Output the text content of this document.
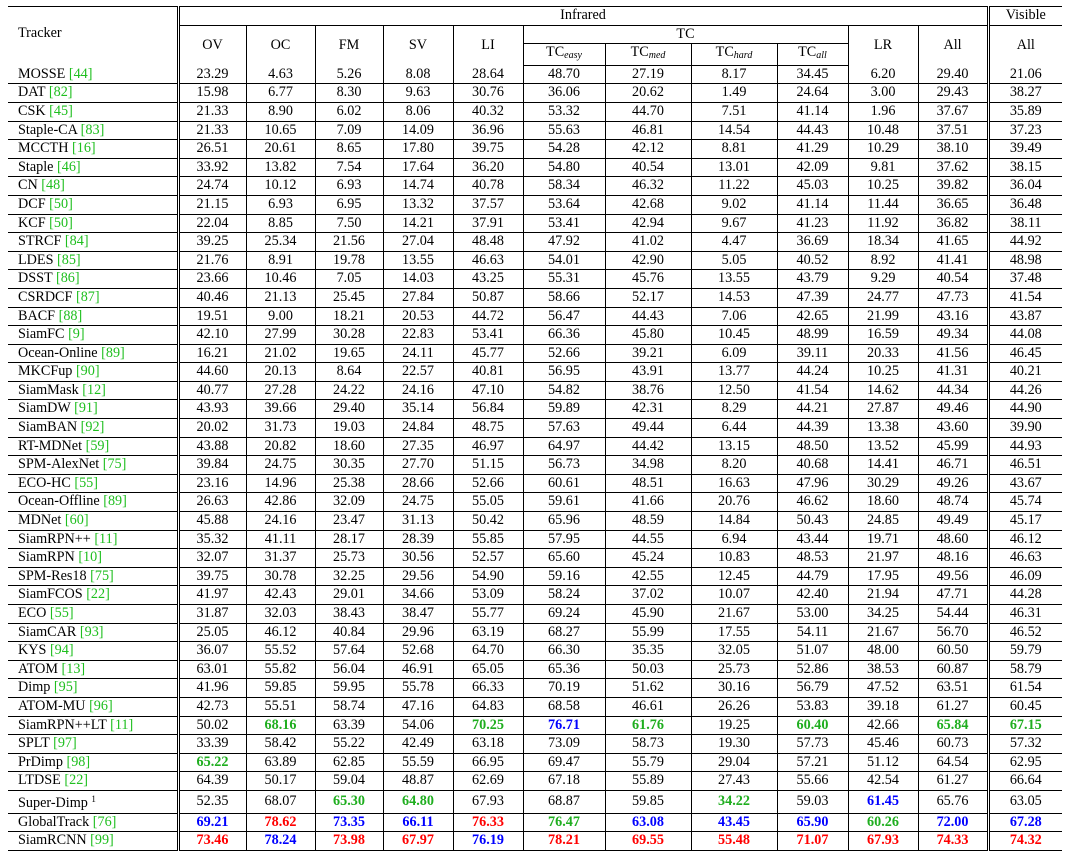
Tracker		Infrared											Visible
		OV	OC	FM	SV	LI	TC				LR	All	All
							$TC_{easy}$	$TC_{med}$	$TC_{hard}$	$TC_{all}$
MOSSE [44]		23.29	4.63	5.26	8.08	28.64	48.70	27.19	8.17	34.45	6.20	29.40	21.06
DAT [82]		15.98	6.77	8.30	9.63	30.76	36.06	20.62	1.49	24.64	3.00	29.43	38.27
CSK [45]		21.33	8.90	6.02	8.06	40.32	53.32	44.70	7.51	41.14	1.96	37.67	35.89
Staple-CA [83]		21.33	10.65	7.09	14.09	36.96	55.63	46.81	14.54	44.43	10.48	37.51	37.23
MCCTH [16]		26.51	20.61	8.65	17.80	39.75	54.28	42.12	8.81	41.29	10.29	38.10	39.49
Staple [46]		33.92	13.82	7.54	17.64	36.20	54.80	40.54	13.01	42.09	9.81	37.62	38.15
CN [48]		24.74	10.12	6.93	14.74	40.78	58.34	46.32	11.22	45.03	10.25	39.82	36.04
DCF [50]		21.15	6.93	6.95	13.32	37.57	53.64	42.68	9.02	41.14	11.44	36.65	36.48
KCF [50]		22.04	8.85	7.50	14.21	37.91	53.41	42.94	9.67	41.23	11.92	36.82	38.11
STRCF [84]		39.25	25.34	21.56	27.04	48.48	47.92	41.02	4.47	36.69	18.34	41.65	44.92
LDES [85]		21.76	8.91	19.78	13.55	46.63	54.01	42.90	5.05	40.52	8.92	41.41	48.98
DSST [86]		23.66	10.46	7.05	14.03	43.25	55.31	45.76	13.55	43.79	9.29	40.54	37.48
CSRDCF [87]		40.46	21.13	25.45	27.84	50.87	58.66	52.17	14.53	47.39	24.77	47.73	41.54
BACF [88]		19.51	9.00	18.21	20.53	44.72	56.47	44.43	7.06	42.65	21.99	43.16	43.87
SiamFC [9]		42.10	27.99	30.28	22.83	53.41	66.36	45.80	10.45	48.99	16.59	49.34	44.08
Ocean-Online [89]		16.21	21.02	19.65	24.11	45.77	52.66	39.21	6.09	39.11	20.33	41.56	46.45
MKCFup [90]		44.60	20.13	8.64	22.57	40.81	56.95	43.91	13.77	44.24	10.25	41.31	40.21
SiamMask [12]		40.77	27.28	24.22	24.16	47.10	54.82	38.76	12.50	41.54	14.62	44.34	44.26
SiamDW [91]		43.93	39.66	29.40	35.14	56.84	59.89	42.31	8.29	44.21	27.87	49.46	44.90
SiamBAN [92]		20.02	31.73	19.03	24.84	48.75	57.63	49.44	6.44	44.39	13.38	43.60	39.90
RT-MDNet [59]		43.88	20.82	18.60	27.35	46.97	64.97	44.42	13.15	48.50	13.52	45.99	44.93
SPM-AlexNet [75]		39.84	24.75	30.35	27.70	51.15	56.73	34.98	8.20	40.68	14.41	46.71	46.51
ECO-HC [55]		23.16	14.96	25.38	28.66	52.66	60.61	48.51	16.63	47.96	30.29	49.26	43.67
Ocean-Offline [89]		26.63	42.86	32.09	24.75	55.05	59.61	41.66	20.76	46.62	18.60	48.74	45.74
MDNet [60]		45.88	24.16	23.47	31.13	50.42	65.96	48.59	14.84	50.43	24.85	49.49	45.17
SiamRPN++ [11]		35.32	41.11	28.17	28.39	55.85	57.95	44.55	6.94	43.44	19.71	48.60	46.12
SiamRPN [10]		32.07	31.37	25.73	30.56	52.57	65.60	45.24	10.83	48.53	21.97	48.16	46.63
SPM-Res18 [75]		39.75	30.78	32.25	29.56	54.90	59.16	42.55	12.45	44.79	17.95	49.56	46.09
SiamFCOS [22]		41.97	42.43	29.01	34.66	53.09	58.24	37.02	10.07	42.40	21.94	47.71	44.28
ECO [55]		31.87	32.03	38.43	38.47	55.77	69.24	45.90	21.67	53.00	34.25	54.44	46.31
SiamCAR [93]		25.05	46.12	40.84	29.96	63.19	68.27	55.99	17.55	54.11	21.67	56.70	46.52
KYS [94]		36.07	55.52	57.64	52.68	64.70	66.30	35.35	32.05	51.07	48.00	60.50	59.79
ATOM [13]		63.01	55.82	56.04	46.91	65.05	65.36	50.03	25.73	52.86	38.53	60.87	58.79
Dimp [95]		41.96	59.85	59.95	55.78	66.33	70.19	51.62	30.16	56.79	47.52	63.51	61.54
ATOM-MU [96]		42.73	55.51	58.74	47.16	64.83	68.58	46.61	26.26	53.83	39.18	61.27	60.45
SiamRPN++LT [11]		50.02	68.16	63.39	54.06	70.25	76.71	61.76	19.25	60.40	42.66	65.84	67.15
SPLT [97]		33.39	58.42	55.22	42.49	63.18	73.09	58.73	19.30	57.73	45.46	60.73	57.32
PrDimp [98]		65.22	63.89	62.85	55.59	66.95	69.47	55.79	29.04	57.21	51.12	64.54	62.95
LTDSE [22]		64.39	50.17	59.04	48.87	62.69	67.18	55.89	27.43	55.66	42.54	61.27	66.64
Super-Dimp $^1$		52.35	68.07	65.30	64.80	67.93	68.87	59.85	34.22	59.03	61.45	65.76	63.05
GlobalTrack [76]		69.21	78.62	73.35	66.11	76.33	76.47	63.08	43.45	65.90	60.26	72.00	67.28
SiamRCNN [99]		73.46	78.24	73.98	67.97	76.19	78.21	69.55	55.48	71.07	67.93	74.33	74.32
